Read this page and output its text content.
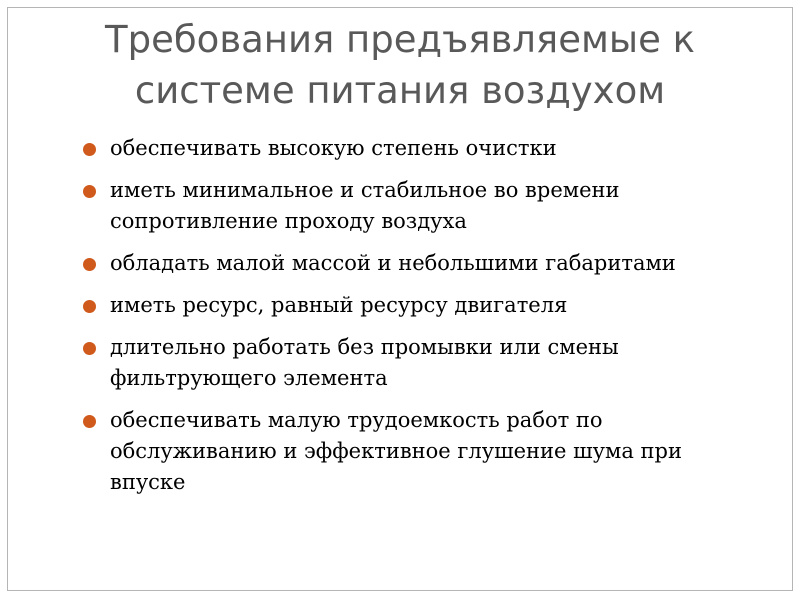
Требования предъявляемые к
системе питания воздухом
обеспечивать высокую степень очистки
иметь минимальное и стабильное во времени сопротивление проходу воздуха
обладать малой массой и небольшими габаритами
иметь ресурс, равный ресурсу двигателя
длительно работать без промывки или смены фильтрующего элемента
обеспечивать малую трудоемкость работ по обслуживанию и эффективное глушение шума при впуске
